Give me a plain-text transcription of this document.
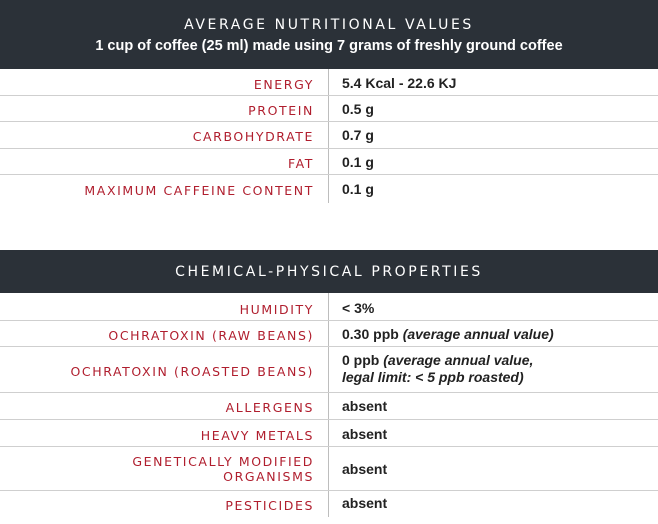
AVERAGE NUTRITIONAL VALUES
1 cup of coffee (25 ml) made using 7 grams of freshly ground coffee
ENERGY 5.4 Kcal - 22.6 KJ
PROTEIN 0.5 g
CARBOHYDRATE 0.7 g
FAT 0.1 g
MAXIMUM CAFFEINE CONTENT 0.1 g
CHEMICAL-PHYSICAL PROPERTIES
HUMIDITY < 3%
OCHRATOXIN (RAW BEANS) 0.30 ppb (average annual value)
OCHRATOXIN (ROASTED BEANS)
0 ppb (average annual value,
legal limit: < 5 ppb roasted)
ALLERGENS absent
HEAVY METALS absent
GENETICALLY MODIFIED
ORGANISMS absent
PESTICIDES absent
